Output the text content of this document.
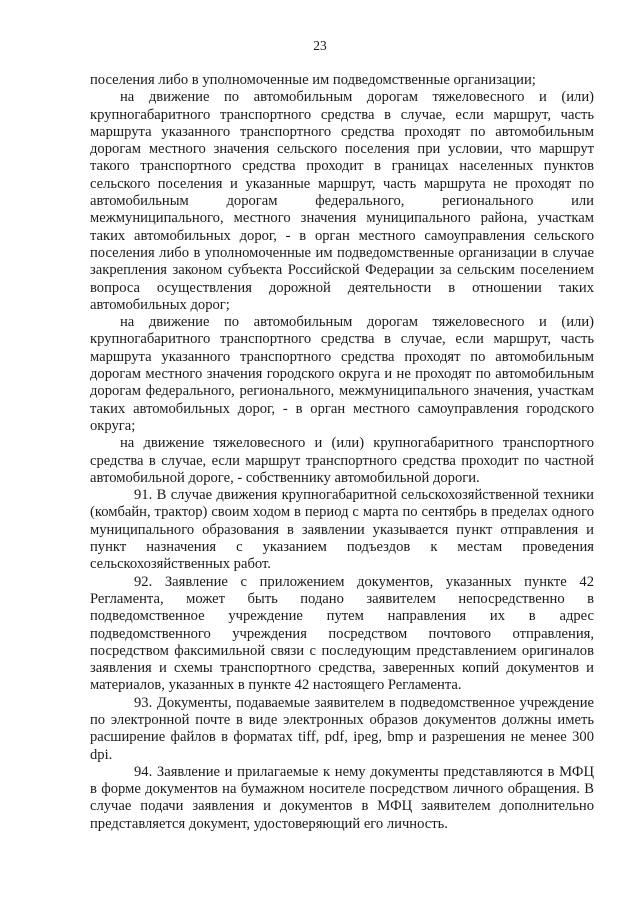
23

поселения либо в уполномоченные им подведомственные организации;

на движение по автомобильным дорогам тяжеловесного и (или) крупногабаритного транспортного средства в случае, если маршрут, часть маршрута указанного транспортного средства проходят по автомобильным дорогам местного значения сельского поселения при условии, что маршрут такого транспортного средства проходит в границах населенных пунктов сельского поселения и указанные маршрут, часть маршрута не проходят по автомобильным дорогам федерального, регионального или межмуниципального, местного значения муниципального района, участкам таких автомобильных дорог, - в орган местного самоуправления сельского поселения либо в уполномоченные им подведомственные организации в случае закрепления законом субъекта Российской Федерации за сельским поселением вопроса осуществления дорожной деятельности в отношении таких автомобильных дорог;

на движение по автомобильным дорогам тяжеловесного и (или) крупногабаритного транспортного средства в случае, если маршрут, часть маршрута указанного транспортного средства проходят по автомобильным дорогам местного значения городского округа и не проходят по автомобильным дорогам федерального, регионального, межмуниципального значения, участкам таких автомобильных дорог, - в орган местного самоуправления городского округа;

на движение тяжеловесного и (или) крупногабаритного транспортного средства в случае, если маршрут транспортного средства проходит по частной автомобильной дороге, - собственнику автомобильной дороги.

91. В случае движения крупногабаритной сельскохозяйственной техники (комбайн, трактор) своим ходом в период с марта по сентябрь в пределах одного муниципального образования в заявлении указывается пункт отправления и пункт назначения с указанием подъездов к местам проведения сельскохозяйственных работ.

92. Заявление с приложением документов, указанных пункте 42 Регламента, может быть подано заявителем непосредственно в подведомственное учреждение путем направления их в адрес подведомственного учреждения посредством почтового отправления, посредством факсимильной связи с последующим представлением оригиналов заявления и схемы транспортного средства, заверенных копий документов и материалов, указанных в пункте 42 настоящего Регламента.

93. Документы, подаваемые заявителем в подведомственное учреждение по электронной почте в виде электронных образов документов должны иметь расширение файлов в форматах tiff, pdf, ipeg, bmp и разрешения не менее 300 dpi.

94. Заявление и прилагаемые к нему документы представляются в МФЦ в форме документов на бумажном носителе посредством личного обращения. В случае подачи заявления и документов в МФЦ заявителем дополнительно представляется документ, удостоверяющий его личность.
